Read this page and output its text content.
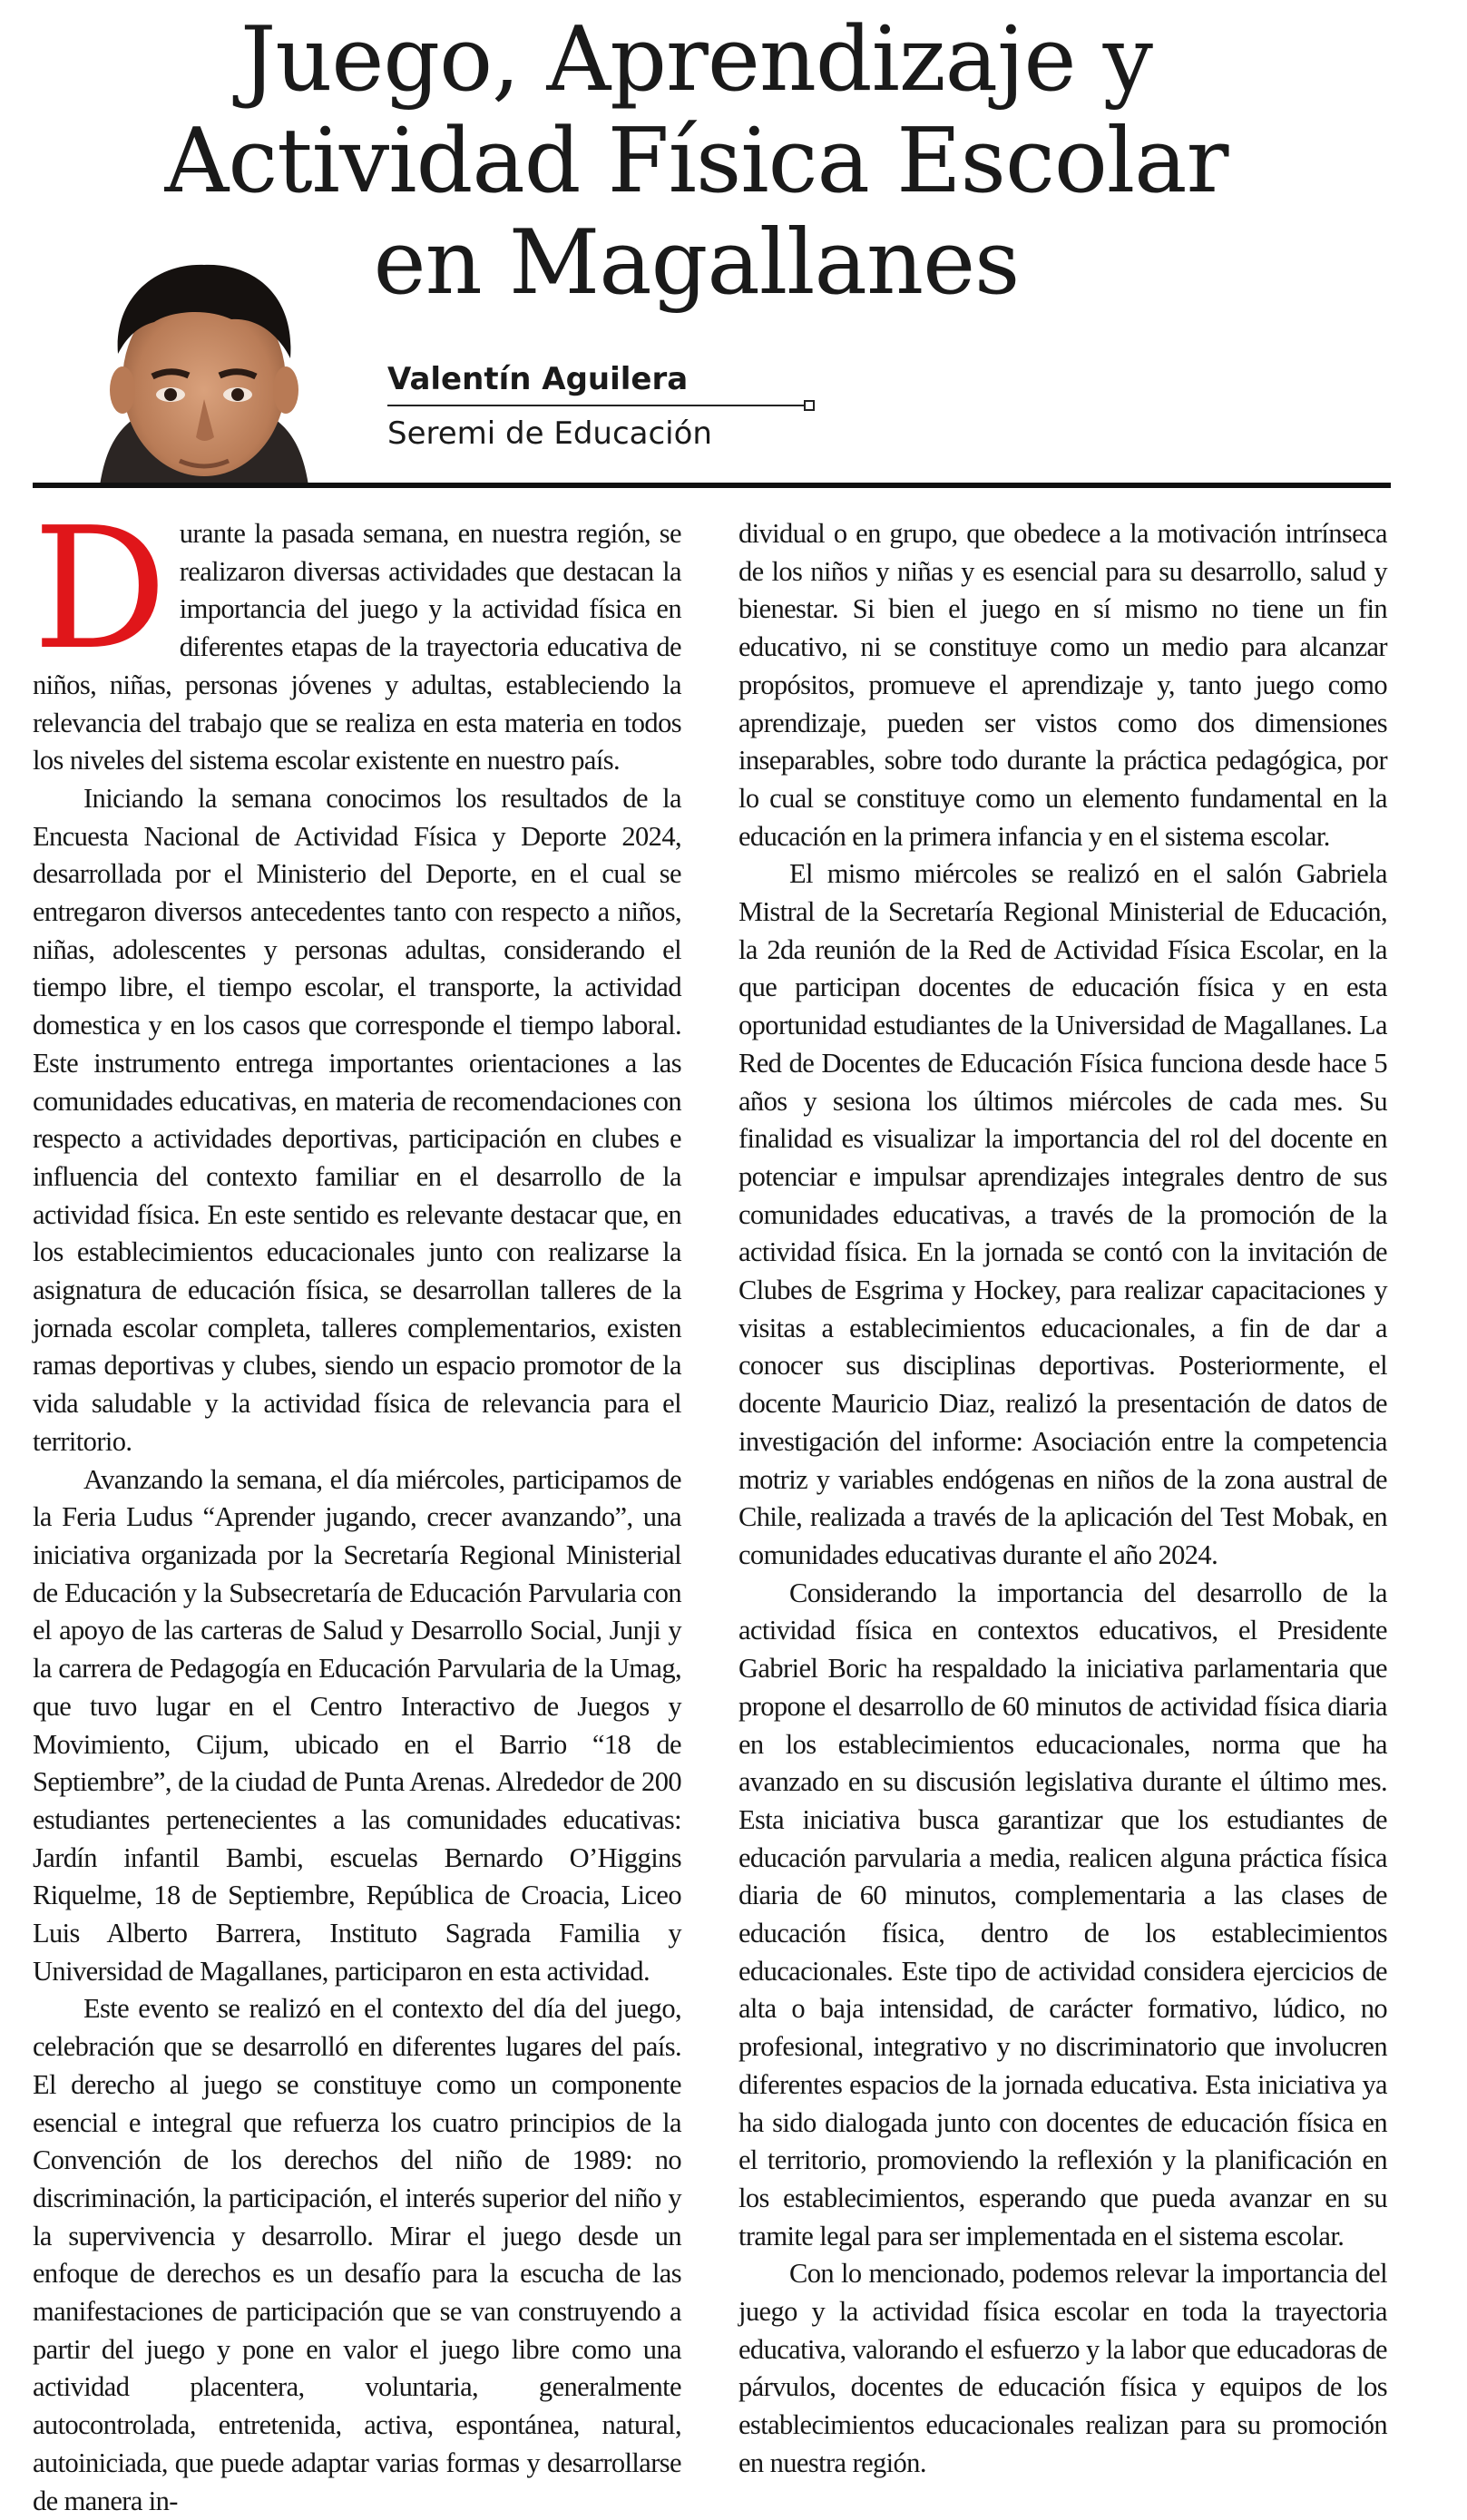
Juego, Aprendizaje y
Actividad Física Escolar
en Magallanes
Valentín Aguilera
Seremi de Educación

Durante la pasada semana, en nuestra región, se realizaron diversas actividades que destacan la importancia del juego y la actividad física en diferentes etapas de la trayectoria educativa de niños, niñas, personas jóvenes y adultas, estableciendo la relevancia del trabajo que se realiza en esta materia en todos los niveles del sistema escolar existente en nuestro país.

Iniciando la semana conocimos los resultados de la Encuesta Nacional de Actividad Física y Deporte 2024, desarrollada por el Ministerio del Deporte, en el cual se entregaron diversos antecedentes tanto con respecto a niños, niñas, adolescentes y personas adultas, considerando el tiempo libre, el tiempo escolar, el transporte, la actividad domestica y en los casos que corresponde el tiempo laboral. Este instrumento entrega importantes orientaciones a las comunidades educativas, en materia de recomendaciones con respecto a actividades deportivas, participación en clubes e influencia del contexto familiar en el desarrollo de la actividad física. En este sentido es relevante destacar que, en los establecimientos educacionales junto con realizarse la asignatura de educación física, se desarrollan talleres de la jornada escolar completa, talleres complementarios, existen ramas deportivas y clubes, siendo un espacio promotor de la vida saludable y la actividad física de relevancia para el territorio.

Avanzando la semana, el día miércoles, participamos de la Feria Ludus “Aprender jugando, crecer avanzando”, una iniciativa organizada por la Secretaría Regional Ministerial de Educación y la Subsecretaría de Educación Parvularia con el apoyo de las carteras de Salud y Desarrollo Social, Junji y la carrera de Pedagogía en Educación Parvularia de la Umag, que tuvo lugar en el Centro Interactivo de Juegos y Movimiento, Cijum, ubicado en el Barrio “18 de Septiembre”, de la ciudad de Punta Arenas. Alrededor de 200 estudiantes pertenecientes a las comunidades educativas: Jardín infantil Bambi, escuelas Bernardo O’Higgins Riquelme, 18 de Septiembre, República de Croacia, Liceo Luis Alberto Barrera, Instituto Sagrada Familia y Universidad de Magallanes, participaron en esta actividad.

Este evento se realizó en el contexto del día del juego, celebración que se desarrolló en diferentes lugares del país. El derecho al juego se constituye como un componente esencial e integral que refuerza los cuatro principios de la Convención de los derechos del niño de 1989: no discriminación, la participación, el interés superior del niño y la supervivencia y desarrollo. Mirar el juego desde un enfoque de derechos es un desafío para la escucha de las manifestaciones de participación que se van construyendo a partir del juego y pone en valor el juego libre como una actividad placentera, voluntaria, generalmente autocontrolada, entretenida, activa, espontánea, natural, autoiniciada, que puede adaptar varias formas y desarrollarse de manera in-

dividual o en grupo, que obedece a la motivación intrínseca de los niños y niñas y es esencial para su desarrollo, salud y bienestar. Si bien el juego en sí mismo no tiene un fin educativo, ni se constituye como un medio para alcanzar propósitos, promueve el aprendizaje y, tanto juego como aprendizaje, pueden ser vistos como dos dimensiones inseparables, sobre todo durante la práctica pedagógica, por lo cual se constituye como un elemento fundamental en la educación en la primera infancia y en el sistema escolar.

El mismo miércoles se realizó en el salón Gabriela Mistral de la Secretaría Regional Ministerial de Educación, la 2da reunión de la Red de Actividad Física Escolar, en la que participan docentes de educación física y en esta oportunidad estudiantes de la Universidad de Magallanes. La Red de Docentes de Educación Física funciona desde hace 5 años y sesiona los últimos miércoles de cada mes. Su finalidad es visualizar la importancia del rol del docente en potenciar e impulsar aprendizajes integrales dentro de sus comunidades educativas, a través de la promoción de la actividad física. En la jornada se contó con la invitación de Clubes de Esgrima y Hockey, para realizar capacitaciones y visitas a establecimientos educacionales, a fin de dar a conocer sus disciplinas deportivas. Posteriormente, el docente Mauricio Diaz, realizó la presentación de datos de investigación del informe: Asociación entre la competencia motriz y variables endógenas en niños de la zona austral de Chile, realizada a través de la aplicación del Test Mobak, en comunidades educativas durante el año 2024.

Considerando la importancia del desarrollo de la actividad física en contextos educativos, el Presidente Gabriel Boric ha respaldado la iniciativa parlamentaria que propone el desarrollo de 60 minutos de actividad física diaria en los establecimientos educacionales, norma que ha avanzado en su discusión legislativa durante el último mes. Esta iniciativa busca garantizar que los estudiantes de educación parvularia a media, realicen alguna práctica física diaria de 60 minutos, complementaria a las clases de educación física, dentro de los establecimientos educacionales. Este tipo de actividad considera ejercicios de alta o baja intensidad, de carácter formativo, lúdico, no profesional, integrativo y no discriminatorio que involucren diferentes espacios de la jornada educativa. Esta iniciativa ya ha sido dialogada junto con docentes de educación física en el territorio, promoviendo la reflexión y la planificación en los establecimientos, esperando que pueda avanzar en su tramite legal para ser implementada en el sistema escolar.

Con lo mencionado, podemos relevar la importancia del juego y la actividad física escolar en toda la trayectoria educativa, valorando el esfuerzo y la labor que educadoras de párvulos, docentes de educación física y equipos de los establecimientos educacionales realizan para su promoción en nuestra región.
